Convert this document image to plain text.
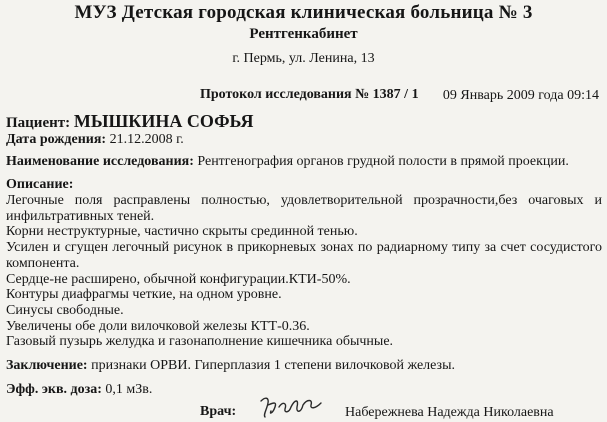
МУЗ Детская городская клиническая больница № 3
Рентгенкабинет
г. Пермь, ул. Ленина, 13
Протокол исследования № 1387 / 1 09 Январь 2009 года 09:14
Пациент: МЫШКИНА СОФЬЯ
Дата рождения: 21.12.2008 г.
Наименование исследования: Рентгенография органов грудной полости в прямой проекции.
Описание:

Легочные поля расправлены полностью, удовлетворительной прозрачности,без очаговых и инфильтративных теней.

Корни неструктурные, частично скрыты срединной тенью.

Усилен и сгущен легочный рисунок в прикорневых зонах по радиарному типу за счет сосудистого компонента.

Сердце-не расширено, обычной конфигурации.КТИ-50%.

Контуры диафрагмы четкие, на одном уровне.

Синусы свободные.

Увеличены обе доли вилочковой железы КТТ-0.36.

Газовый пузырь желудка и газонаполнение кишечника обычные.

Заключение: признаки ОРВИ. Гиперплазия 1 степени вилочковой железы.
Эфф. экв. доза: 0,1 мЗв.
Врач:	Набережнева Надежда Николаевна
